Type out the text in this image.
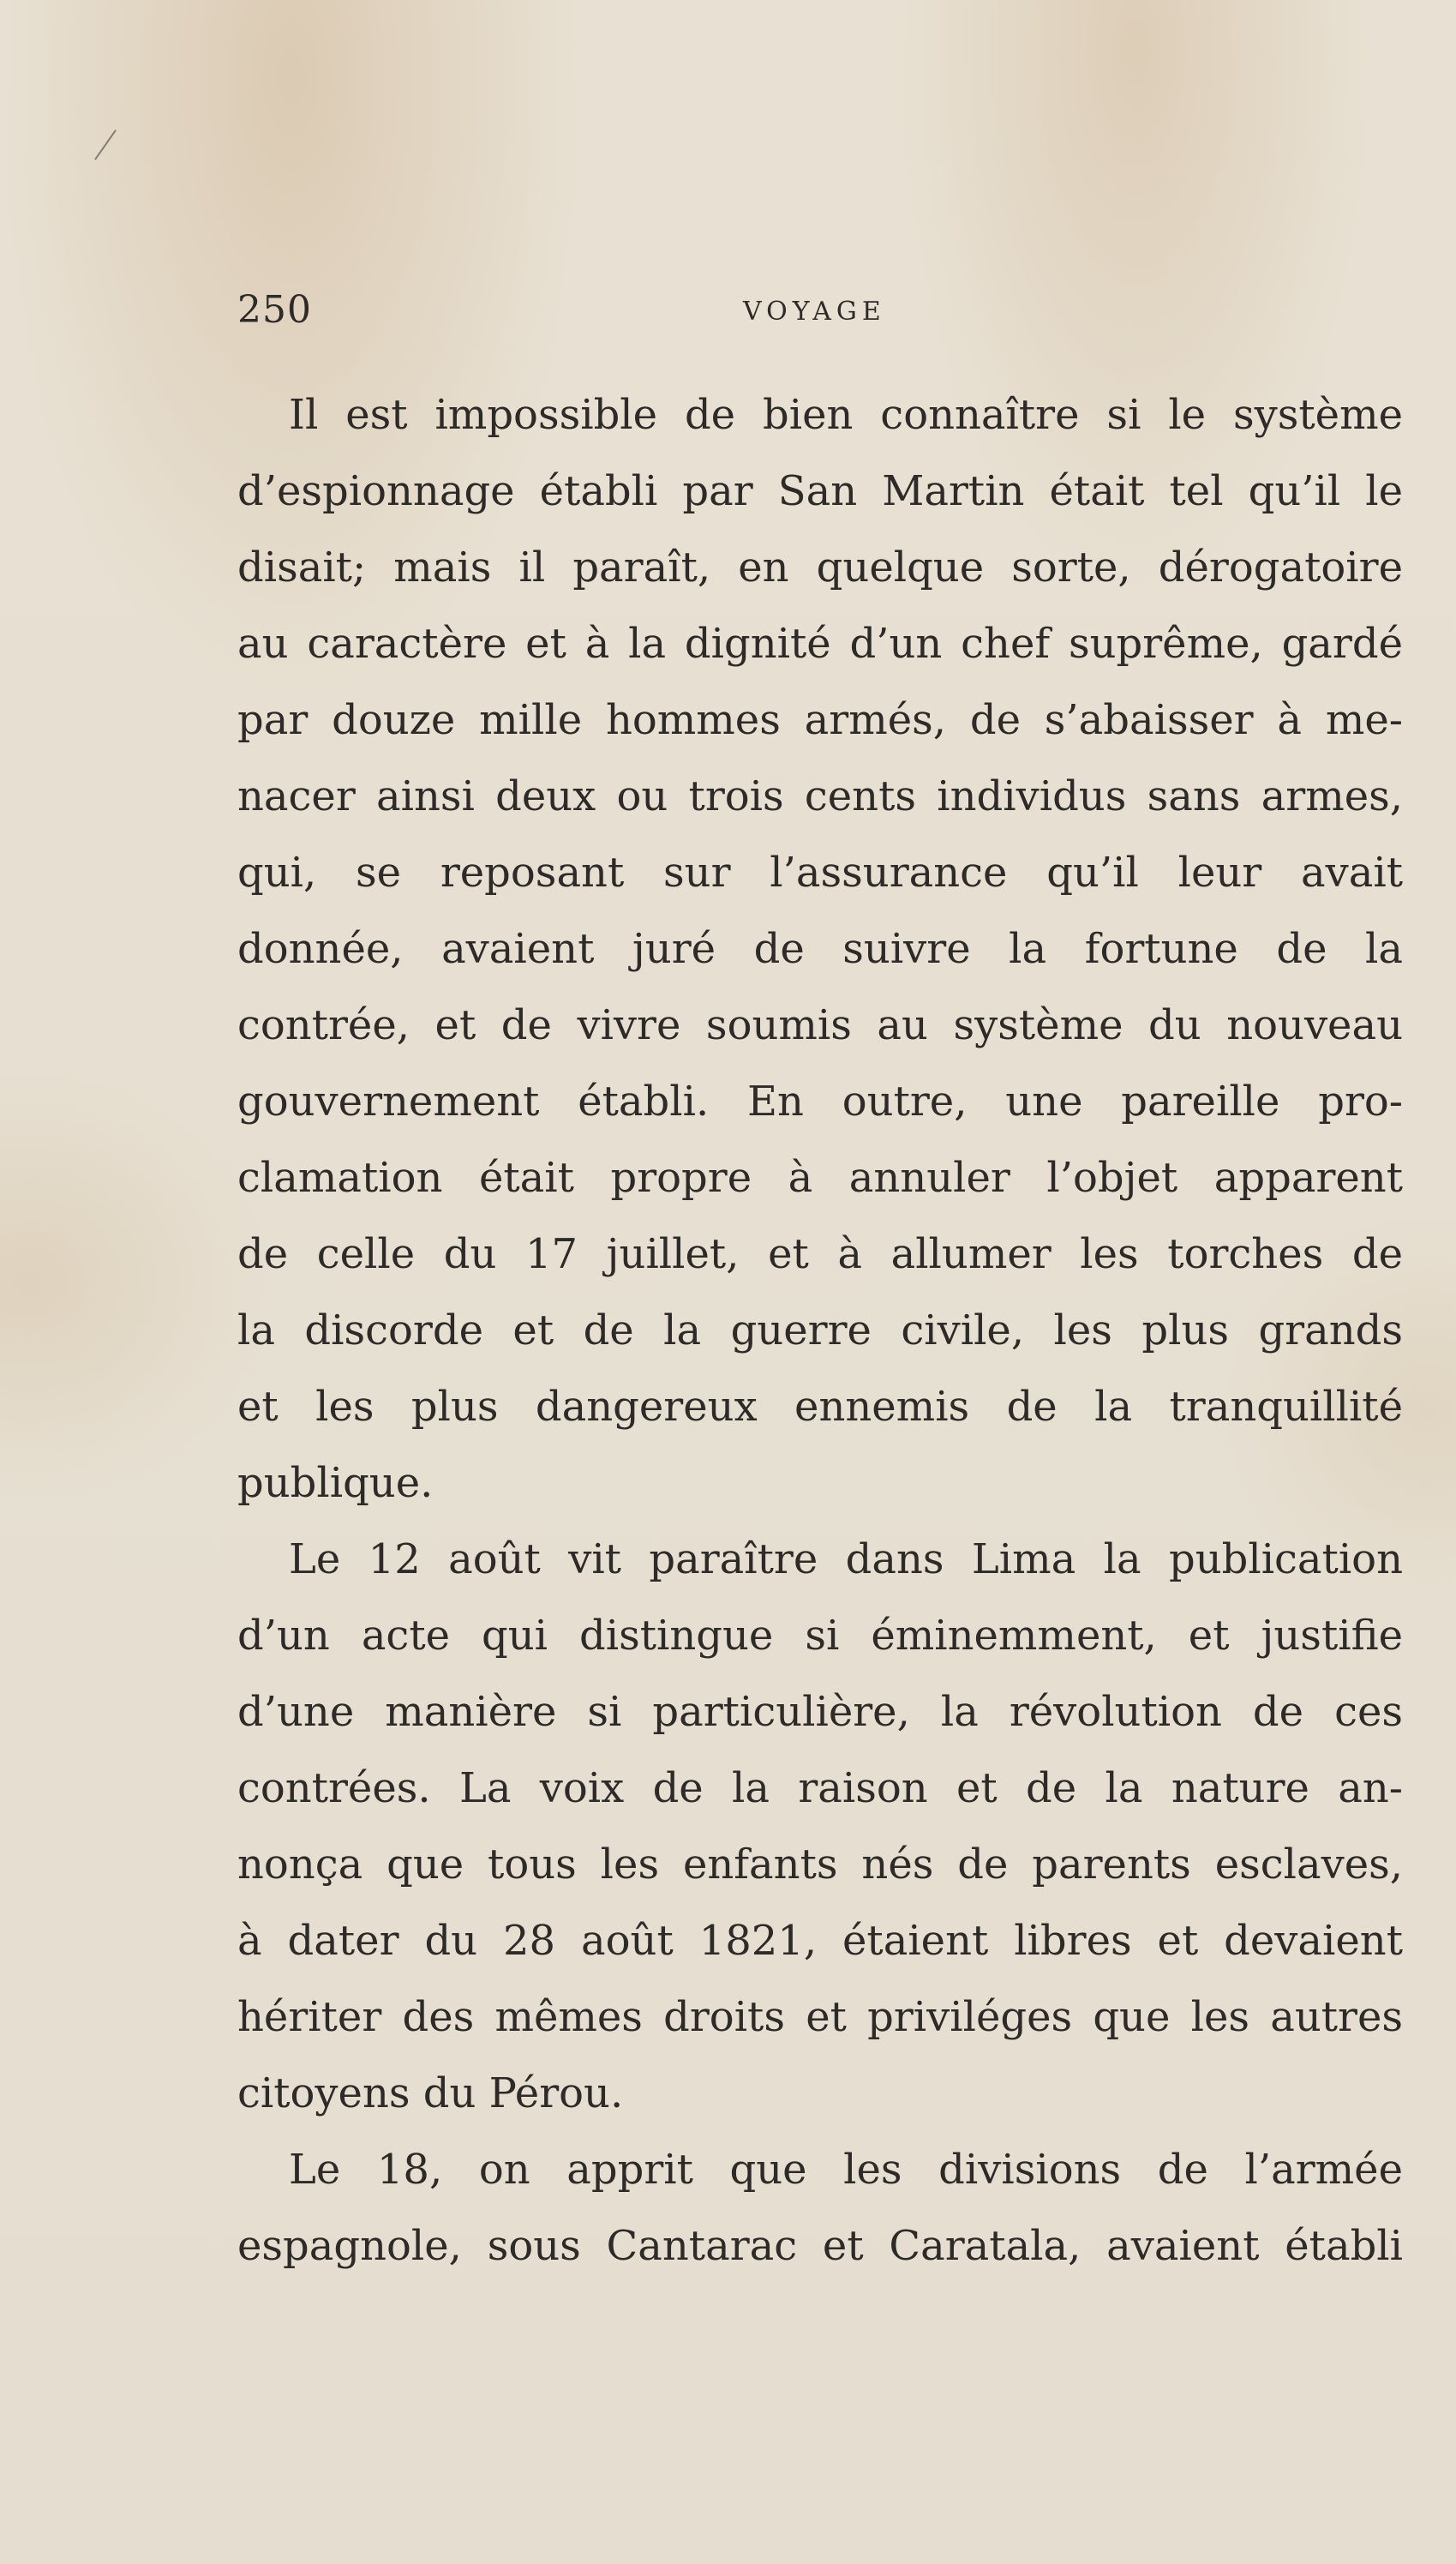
250	VOYAGE
Il est impossible de bien connaître si le système
d’espionnage établi par San Martin était tel qu’il le
disait; mais il paraît, en quelque sorte, dérogatoire
au caractère et à la dignité d’un chef suprême, gardé
par douze mille hommes armés, de s’abaisser à me-
nacer ainsi deux ou trois cents individus sans armes,
qui, se reposant sur l’assurance qu’il leur avait
donnée, avaient juré de suivre la fortune de la
contrée, et de vivre soumis au système du nouveau
gouvernement établi. En outre, une pareille pro-
clamation était propre à annuler l’objet apparent
de celle du 17 juillet, et à allumer les torches de
la discorde et de la guerre civile, les plus grands
et les plus dangereux ennemis de la tranquillité
publique.
Le 12 août vit paraître dans Lima la publication
d’un acte qui distingue si éminemment, et justifie
d’une manière si particulière, la révolution de ces
contrées. La voix de la raison et de la nature an-
nonça que tous les enfants nés de parents esclaves,
à dater du 28 août 1821, étaient libres et devaient
hériter des mêmes droits et priviléges que les autres
citoyens du Pérou.
Le 18, on apprit que les divisions de l’armée
espagnole, sous Cantarac et Caratala, avaient établi
